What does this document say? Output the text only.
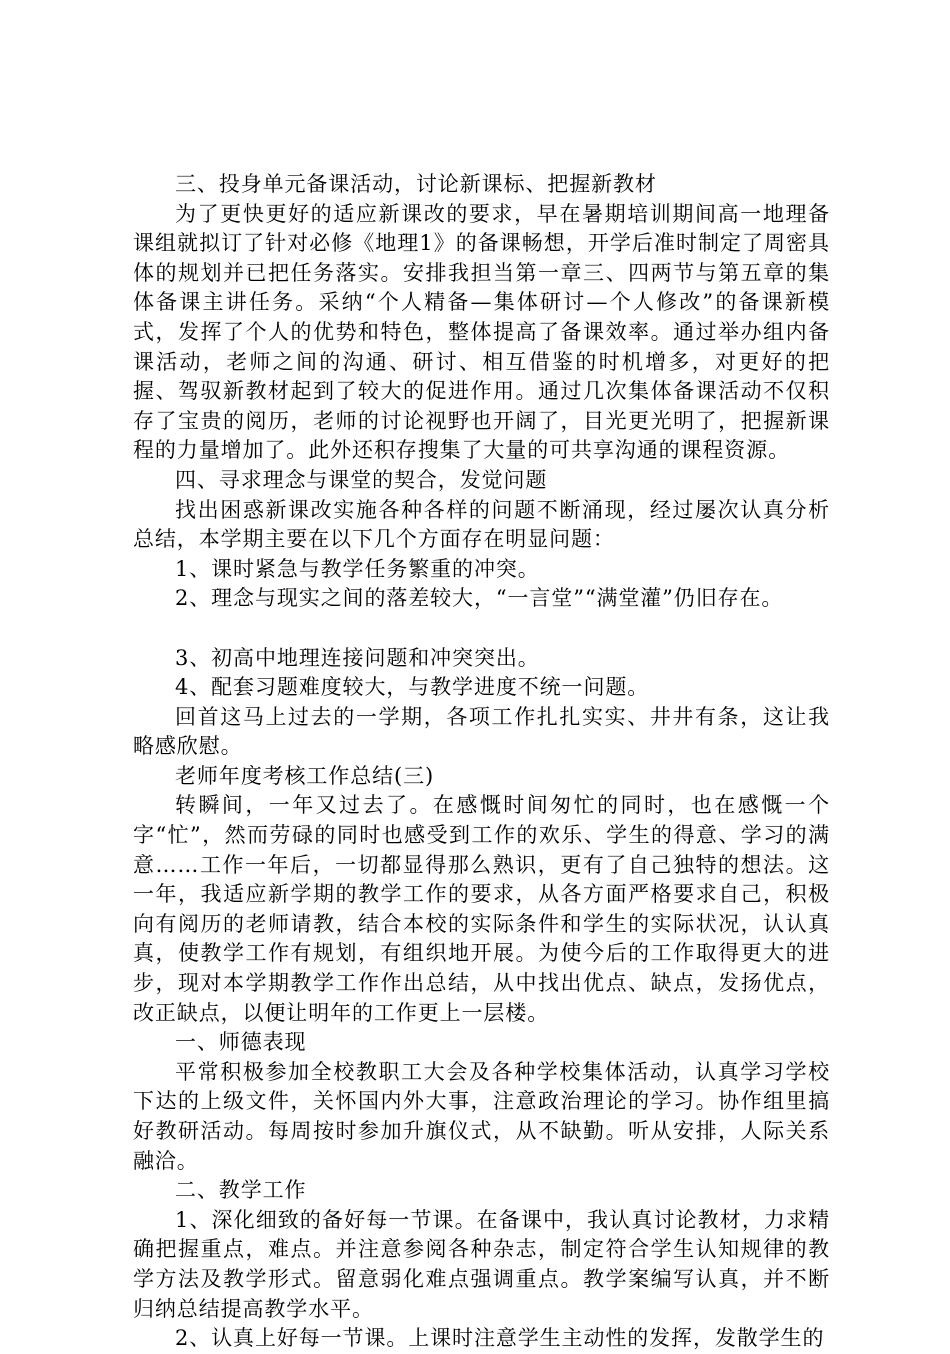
三、投身单元备课活动，讨论新课标、把握新教材

为了更快更好的适应新课改的要求，早在暑期培训期间高一地理备课组就拟订了针对必修《地理1》的备课畅想，开学后准时制定了周密具体的规划并已把任务落实。安排我担当第一章三、四两节与第五章的集体备课主讲任务。采纳“个人精备—集体研讨—个人修改”的备课新模式，发挥了个人的优势和特色，整体提高了备课效率。通过举办组内备课活动，老师之间的沟通、研讨、相互借鉴的时机增多，对更好的把握、驾驭新教材起到了较大的促进作用。通过几次集体备课活动不仅积存了宝贵的阅历，老师的讨论视野也开阔了，目光更光明了，把握新课程的力量增加了。此外还积存搜集了大量的可共享沟通的课程资源。

四、寻求理念与课堂的契合，发觉问题

找出困惑新课改实施各种各样的问题不断涌现，经过屡次认真分析总结，本学期主要在以下几个方面存在明显问题：

1、课时紧急与教学任务繁重的冲突。

2、理念与现实之间的落差较大，“一言堂”“满堂灌”仍旧存在。

3、初高中地理连接问题和冲突突出。

4、配套习题难度较大，与教学进度不统一问题。

回首这马上过去的一学期，各项工作扎扎实实、井井有条，这让我略感欣慰。

老师年度考核工作总结(三)

转瞬间，一年又过去了。在感慨时间匆忙的同时，也在感慨一个字“忙”，然而劳碌的同时也感受到工作的欢乐、学生的得意、学习的满意……工作一年后，一切都显得那么熟识，更有了自己独特的想法。这一年，我适应新学期的教学工作的要求，从各方面严格要求自己，积极向有阅历的老师请教，结合本校的实际条件和学生的实际状况，认认真真，使教学工作有规划，有组织地开展。为使今后的工作取得更大的进步，现对本学期教学工作作出总结，从中找出优点、缺点，发扬优点，改正缺点，以便让明年的工作更上一层楼。

一、师德表现

平常积极参加全校教职工大会及各种学校集体活动，认真学习学校下达的上级文件，关怀国内外大事，注意政治理论的学习。协作组里搞好教研活动。每周按时参加升旗仪式，从不缺勤。听从安排，人际关系融洽。

二、教学工作

1、深化细致的备好每一节课。在备课中，我认真讨论教材，力求精确把握重点，难点。并注意参阅各种杂志，制定符合学生认知规律的教学方法及教学形式。留意弱化难点强调重点。教学案编写认真，并不断归纳总结提高教学水平。

2、认真上好每一节课。上课时注意学生主动性的发挥，发散学生的
